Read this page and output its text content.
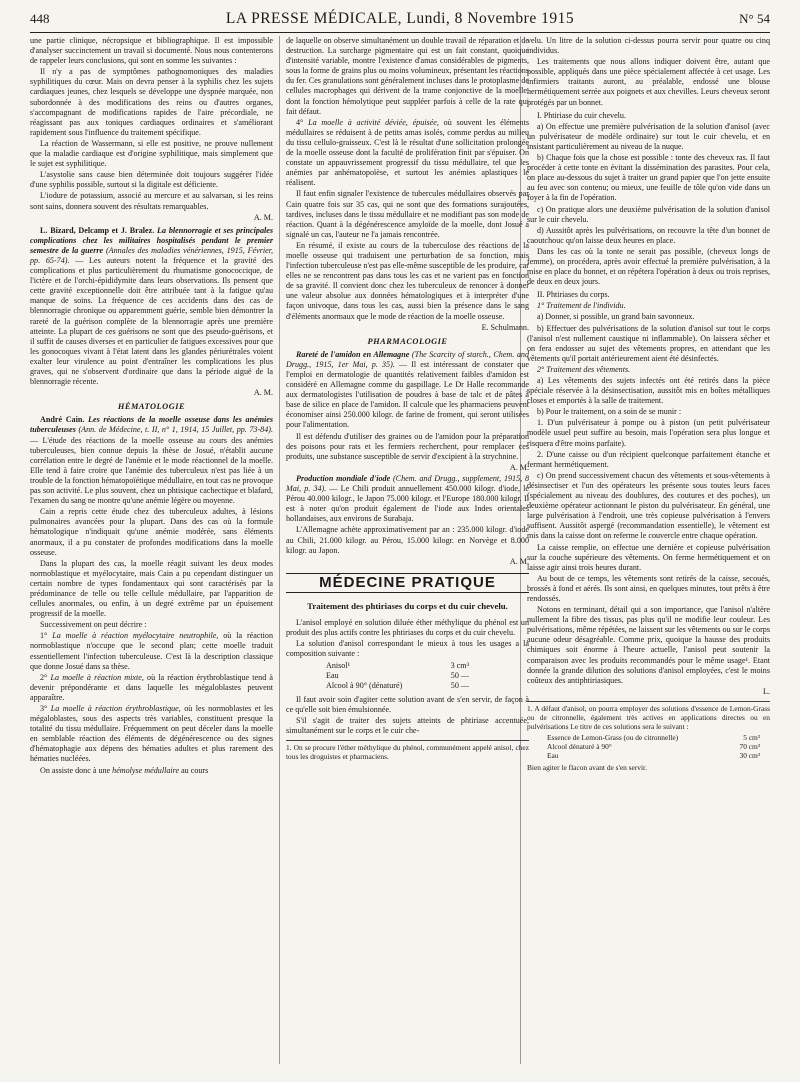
448	LA PRESSE MÉDICALE, Lundi, 8 Novembre 1915	N° 54

une partie clinique, nécropsique et bibliographique. Il est impossible d'analyser succinctement un travail si documenté. Nous nous contenterons de rappeler leurs conclusions, qui sont en somme les suivantes :

Il n'y a pas de symptômes pathognomoniques des maladies syphilitiques du cœur. Mais on devra penser à la syphilis chez les sujets cardiaques jeunes, chez lesquels se développe une dyspnée marquée, non subordonnée à des modifications des reins ou d'autres organes, s'accompagnant de modifications rapides de l'aire précordiale, ne réagissant pas aux toniques cardiaques ordinaires et s'améliorant rapidement sous l'influence du traitement spécifique.

La réaction de Wassermann, si elle est positive, ne prouve nullement que la maladie cardiaque est d'origine syphilitique, mais simplement que le sujet est syphilitique.

L'asystolie sans cause bien déterminée doit toujours suggérer l'idée d'une syphilis possible, surtout si la digitale est déficiente.

L'iodure de potassium, associé au mercure et au salvarsan, si les reins sont sains, donnera souvent des résultats remarquables.

A. M.

L. Bizard, Delcamp et J. Bralez. La blennorragie et ses principales complications chez les militaires hospitalisés pendant le premier semestre de la guerre (Annales des maladies vénériennes, 1915, Février, pp. 65-74). — Les auteurs notent la fréquence et la gravité des complications et plus particulièrement du rhumatisme gonococcique, de l'ictère et de l'orchi-épididymite dans leurs observations. Ils pensent que cette gravité exceptionnelle doit être attribuée tant à la fatigue qu'au manque de soins. La fréquence de ces accidents dans des cas de blennorragie chronique ou apparemment guérie, semble bien démontrer la rareté de la guérison complète de la blennorragie après une première atteinte. La plupart de ces guérisons ne sont que des pseudo-guérisons, et il suffit de causes diverses et en particulier de fatigues excessives pour que les gonocoques vivant à l'état latent dans les glandes périurétrales voient exalter leur virulence au point d'entraîner les complications les plus graves, qui ne s'observent d'ordinaire que dans la période aiguë de la blennorragie récente.

A. M.

HÉMATOLOGIE

André Cain. Les réactions de la moelle osseuse dans les anémies tuberculeuses (Ann. de Médecine, t. II, n° 1, 1914, 15 Juillet, pp. 73-84). — L'étude des réactions de la moelle osseuse au cours des anémies tuberculeuses, bien connue depuis la thèse de Josué, n'établit aucune corrélation entre le degré de l'anémie et le mode réactionnel de la moelle. Elle tend à faire croire que l'anémie des tuberculeux n'est pas liée à un trouble de la fonction hématopoïétique médullaire, en tout cas ne provoque pas son activité. Le plus souvent, chez un phtisique cachectique et blafard, l'examen du sang ne montre qu'une anémie légère ou moyenne.

Cain a repris cette étude chez des tuberculeux adultes, à lésions pulmonaires avancées pour la plupart. Dans des cas où la formule hématologique n'indiquait qu'une anémie modérée, sans éléments anormaux, il a pu constater de profondes modifications dans la moelle osseuse.

Dans la plupart des cas, la moelle réagit suivant les deux modes normoblastique et myélocytaire, mais Cain a pu cependant distinguer un certain nombre de types fondamentaux qui sont caractérisés par la prédominance de telle ou telle cellule médullaire, par l'apparition de cellules anormales, ou enfin, à un degré extrême par un épuisement progressif de la moelle.

Successivement on peut décrire :

1° La moelle à réaction myélocytaire neutrophile, où la réaction normoblastique n'occupe que le second plan; cette moelle traduit essentiellement l'infection tuberculeuse. C'est là la description classique que donne Josué dans sa thèse.

2° La moelle à réaction mixte, où la réaction érythroblastique tend à devenir prépondérante et dans laquelle les mégaloblastes peuvent apparaître.

3° La moelle à réaction érythroblastique, où les normoblastes et les mégaloblastes, sous des aspects très variables, constituent presque la totalité du tissu médullaire. Fréquemment on peut déceler dans la moelle en semblable réaction des éléments de dégénérescence ou des signes d'hématophagie aux dépens des hématies adultes et plus rarement des hématies nucléées.

On assiste donc à une hémolyse médullaire au cours

de laquelle on observe simultanément un double travail de réparation et de destruction. La surcharge pigmentaire qui est un fait constant, quoique d'intensité variable, montre l'existence d'amas considérables de pigments, sous la forme de grains plus ou moins volumineux, présentant les réactions du fer. Ces granulations sont généralement incluses dans le protoplasme de cellules macrophages qui dérivent de la trame conjonctive de la moelle, dont la fonction hémolytique peut suppléer parfois à celle de la rate qui fait défaut.

4° La moelle à activité déviée, épuisée, où souvent les éléments médullaires se réduisent à de petits amas isolés, comme perdus au milieu du tissu cellulo-graisseux. C'est là le résultat d'une sollicitation prolongée de la moelle osseuse dont la faculté de prolifération finit par s'épuiser. On constate un appauvrissement progressif du tissu médullaire, tel que les anémies par anhématopoïèse, et surtout les anémies aplastiques le réalisent.

Il faut enfin signaler l'existence de tubercules médullaires observés par Cain quatre fois sur 35 cas, qui ne sont que des formations surajoutées, tardives, incluses dans le tissu médullaire et ne modifiant pas son mode de réaction. Quant à la dégénérescence amyloïde de la moelle, dont Josué a signalé un cas, l'auteur ne l'a jamais rencontrée.

En résumé, il existe au cours de la tuberculose des réactions de la moelle osseuse qui traduisent une perturbation de sa fonction, mais l'infection tuberculeuse n'est pas elle-même susceptible de les produire, car elles ne se rencontrent pas dans tous les cas et ne varient pas en fonction de sa gravité. Il convient donc chez les tuberculeux de renoncer à donner une valeur absolue aux données hématologiques et à interpréter d'une façon univoque, dans tous les cas, aussi bien la présence dans le sang d'éléments anormaux que le mode de réaction de la moelle osseuse.

E. Schulmann.

PHARMACOLOGIE

Rareté de l'amidon en Allemagne (The Scarcity of starch., Chem. and Drugg., 1915, 1er Mai, p. 35). — Il est intéressant de constater que l'emploi en dermatologie de quantités relativement faibles d'amidon est considéré en Allemagne comme du gaspillage. Le Dr Halle recommande aux dermatologistes l'utilisation de poudres à base de talc et de pâtes à base de silice en place de l'amidon. Il calcule que les pharmaciens peuvent économiser ainsi 250.000 kilogr. de farine de froment, qui seront utilisées pour l'alimentation.

Il est défendu d'utiliser des graines ou de l'amidon pour la préparation des poisons pour rats et les fermiers recherchent, pour remplacer ces produits, une substance susceptible de servir d'excipient à la strychnine.

A. M.

Production mondiale d'iode (Chem. and Drugg., supplement, 1915, 8 Mai, p. 34). — Le Chili produit annuellement 450.000 kilogr. d'iode, le Pérou 40.000 kilogr., le Japon 75.000 kilogr. et l'Europe 180.000 kilogr. Il est à noter qu'on produit également de l'iode aux Indes orientales hollandaises, aux environs de Surabaja.

L'Allemagne achète approximativement par an : 235.000 kilogr. d'iode au Chili, 21.000 kilogr. au Pérou, 15.000 kilogr. en Norvège et 8.000 kilogr. au Japon.

A. M.

MÉDECINE PRATIQUE
Traitement des phtiriases du corps et du cuir chevelu.

L'anisol employé en solution diluée éther méthylique du phénol est un produit des plus actifs contre les phtiriases du corps et du cuir chevelu.

La solution d'anisol correspondant le mieux à tous les usages a la composition suivante :

Anisol¹	3 cm³
Eau	50 —
Alcool à 90° (dénaturé)	50 —

Il faut avoir soin d'agiter cette solution avant de s'en servir, de façon à ce qu'elle soit bien émulsionnée.

S'il s'agit de traiter des sujets atteints de phtiriase accentuée, simultanément sur le corps et le cuir che-

1. On se procure l'éther méthylique du phénol, communément appelé anisol, chez tous les droguistes et pharmaciens.

velu. Un litre de la solution ci-dessus pourra servir pour quatre ou cinq individus.

Les traitements que nous allons indiquer doivent être, autant que possible, appliqués dans une pièce spécialement affectée à cet usage. Les infirmiers traitants auront, au préalable, endossé une blouse hermétiquement serrée aux poignets et aux chevilles. Leurs cheveux seront protégés par un bonnet.

I. Phtiriase du cuir chevelu.

a) On effectue une première pulvérisation de la solution d'anisol (avec un pulvérisateur de modèle ordinaire) sur tout le cuir chevelu, et en insistant particulièrement au niveau de la nuque.

b) Chaque fois que la chose est possible : tonte des cheveux ras. Il faut procéder à cette tonte en évitant la dissémination des parasites. Pour cela, on place au-dessous du sujet à traiter un grand papier que l'on jette ensuite au feu avec son contenu; ou mieux, une feuille de tôle qu'on vide dans un foyer à la fin de l'opération.

c) On pratique alors une deuxième pulvérisation de la solution d'anisol sur le cuir chevelu.

d) Aussitôt après les pulvérisations, on recouvre la tête d'un bonnet de caoutchouc qu'on laisse deux heures en place.

Dans les cas où la tonte ne serait pas possible, (cheveux longs de femme), on procédera, après avoir effectué la première pulvérisation, à la mise en place du bonnet, et on répétera l'opération à deux ou trois reprises, de deux en deux jours.

II. Phtiriases du corps.

1° Traitement de l'individu.

a) Donner, si possible, un grand bain savonneux.

b) Effectuer des pulvérisations de la solution d'anisol sur tout le corps (l'anisol n'est nullement caustique ni inflammable). On laissera sécher et on fera endosser au sujet des vêtements propres, en attendant que les vêtements qu'il portait antérieurement aient été désinfectés.

2° Traitement des vêtements.

a) Les vêtements des sujets infectés ont été retirés dans la pièce spéciale réservée à la désinsectisation, aussitôt mis en boîtes métalliques closes et emportés à la salle de traitement.

b) Pour le traitement, on a soin de se munir :

1. D'un pulvérisateur à pompe ou à piston (un petit pulvérisateur modèle usuel peut suffire au besoin, mais l'opération sera plus longue et risquera d'être moins parfaite).

2. D'une caisse ou d'un récipient quelconque parfaitement étanche et fermant hermétiquement.

c) On prend successivement chacun des vêtements et sous-vêtements à désinsectiser et l'un des opérateurs les présente sous toutes leurs faces (spécialement au niveau des doublures, des coutures et des poches), un deuxième opérateur actionnant le piston du pulvérisateur. En général, une large pulvérisation à l'endroit, une très copieuse pulvérisation à l'envers suffisent. Aussitôt aspergé (recommandation essentielle), le vêtement est mis dans la caisse dont on referme le couvercle entre chaque opération.

La caisse remplie, on effectue une dernière et copieuse pulvérisation sur la couche supérieure des vêtements. On ferme hermétiquement et on laisse agir ainsi trois heures durant.

Au bout de ce temps, les vêtements sont retirés de la caisse, secoués, brossés à fond et aérés. Ils sont ainsi, en quelques minutes, tout prêts à être rendossés.

Notons en terminant, détail qui a son importance, que l'anisol n'altère nullement la fibre des tissus, pas plus qu'il ne modifie leur couleur. Les pulvérisations, même répétées, ne laissent sur les vêtements ou sur le corps aucune odeur désagréable. Comme prix, quoique la hausse des produits chimiques soit énorme à l'heure actuelle, l'anisol peut soutenir la comparaison avec les produits recommandés pour le même usage¹. Etant donnée la grande dilution des solutions d'anisol employées, c'est le moins coûteux des antiphtiriasiques.

L.

1. A défaut d'anisol, on pourra employer des solutions d'essence de Lemon-Grass ou de citronnelle, également très actives en applications directes ou en pulvérisations Le titre de ces solutions sera le suivant :
Essence de Lemon-Grass (ou de citronnelle)	5 cm³
Alcool dénaturé à 90°	70 cm³
Eau	30 cm³
Bien agiter le flacon avant de s'en servir.
